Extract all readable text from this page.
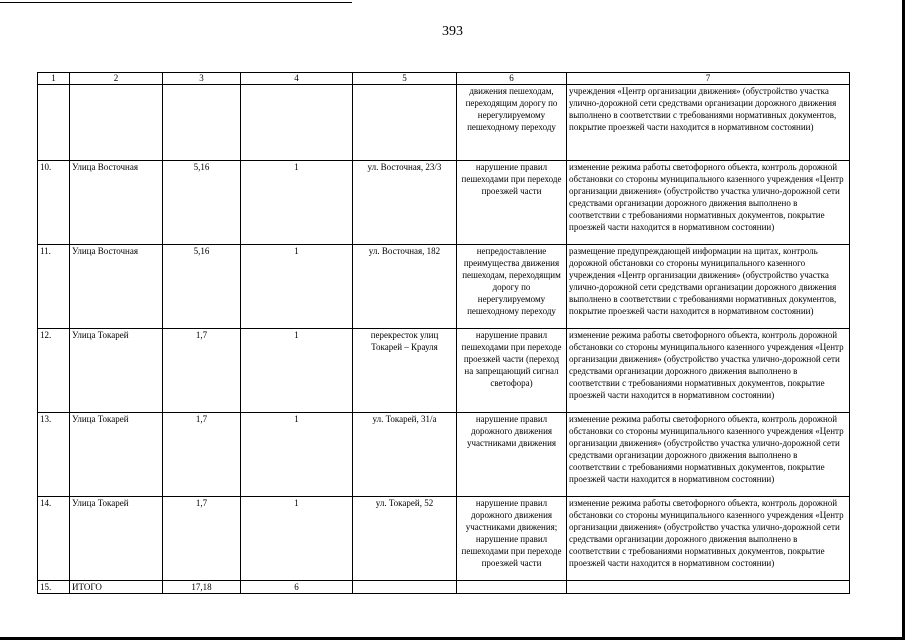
393
1	2	3	4	5	6	7
					движения пешеходам, переходящим дорогу по нерегулируемому пешеходному переходу	учреждения «Центр организации движения» (обустройство участка улично-дорожной сети средствами организации дорожного движения выполнено в соответствии с требованиями нормативных документов, покрытие проезжей части находится в нормативном состоянии)
10.	Улица Восточная	5,16	1	ул. Восточная, 23/3	нарушение правил пешеходами при переходе проезжей части	изменение режима работы светофорного объекта, контроль дорожной обстановки со стороны муниципального казенного учреждения «Центр организации движения» (обустройство участка улично-дорожной сети средствами организации дорожного движения выполнено в соответствии с требованиями нормативных документов, покрытие проезжей части находится в нормативном состоянии)
11.	Улица Восточная	5,16	1	ул. Восточная, 182	непредоставление преимущества движения пешеходам, переходящим дорогу по нерегулируемому пешеходному переходу	размещение предупреждающей информации на щитах, контроль дорожной обстановки со стороны муниципального казенного учреждения «Центр организации движения» (обустройство участка улично-дорожной сети средствами организации дорожного движения выполнено в соответствии с требованиями нормативных документов, покрытие проезжей части находится в нормативном состоянии)
12.	Улица Токарей	1,7	1	перекресток улиц Токарей – Крауля	нарушение правил пешеходами при переходе проезжей части (переход на запрещающий сигнал светофора)	изменение режима работы светофорного объекта, контроль дорожной обстановки со стороны муниципального казенного учреждения «Центр организации движения» (обустройство участка улично-дорожной сети средствами организации дорожного движения выполнено в соответствии с требованиями нормативных документов, покрытие проезжей части находится в нормативном состоянии)
13.	Улица Токарей	1,7	1	ул. Токарей, 31/а	нарушение правил дорожного движения участниками движения	изменение режима работы светофорного объекта, контроль дорожной обстановки со стороны муниципального казенного учреждения «Центр организации движения» (обустройство участка улично-дорожной сети средствами организации дорожного движения выполнено в соответствии с требованиями нормативных документов, покрытие проезжей части находится в нормативном состоянии)
14.	Улица Токарей	1,7	1	ул. Токарей, 52	нарушение правил дорожного движения участниками движения; нарушение правил пешеходами при переходе проезжей части	изменение режима работы светофорного объекта, контроль дорожной обстановки со стороны муниципального казенного учреждения «Центр организации движения» (обустройство участка улично-дорожной сети средствами организации дорожного движения выполнено в соответствии с требованиями нормативных документов, покрытие проезжей части находится в нормативном состоянии)
15.	ИТОГО	17,18	6			
